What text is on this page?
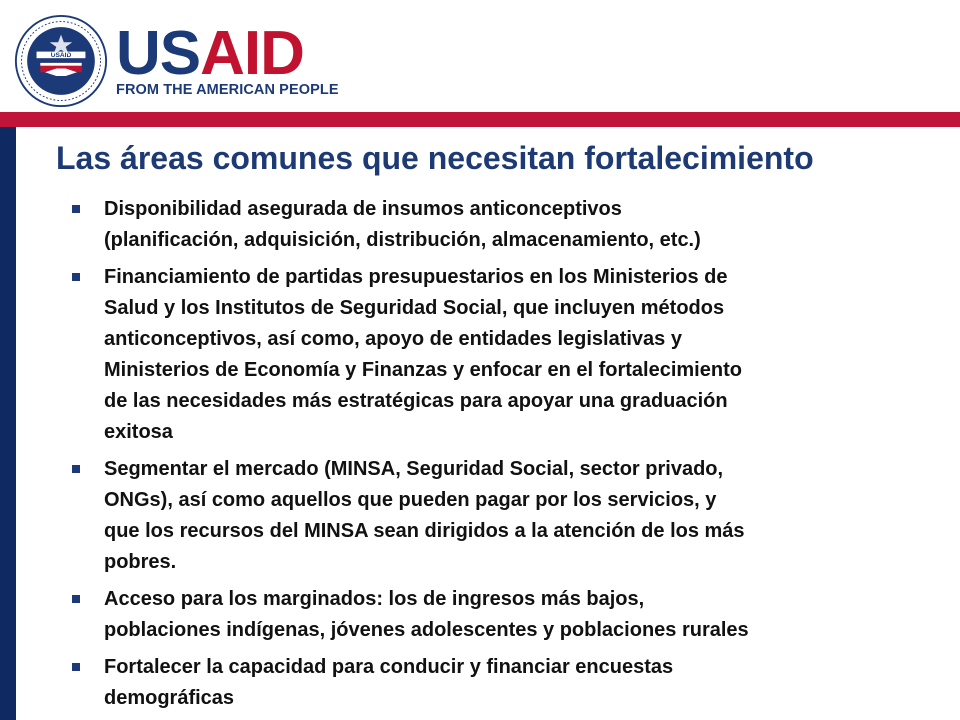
USAID USAID
FROM THE AMERICAN PEOPLE
Las áreas comunes que necesitan fortalecimiento
Disponibilidad asegurada de insumos anticonceptivos
(planificación, adquisición, distribución, almacenamiento, etc.)
Financiamiento de partidas presupuestarios en los Ministerios de
Salud y los Institutos de Seguridad Social, que incluyen métodos
anticonceptivos, así como, apoyo de entidades legislativas y
Ministerios de Economía y Finanzas y enfocar en el fortalecimiento
de las necesidades más estratégicas para apoyar una graduación
exitosa
Segmentar el mercado (MINSA, Seguridad Social, sector privado,
ONGs), así como aquellos que pueden pagar por los servicios, y
que los recursos del MINSA sean dirigidos a la atención de los más
pobres.
Acceso para los marginados: los de ingresos más bajos,
poblaciones indígenas, jóvenes adolescentes y poblaciones rurales
Fortalecer la capacidad para conducir y financiar encuestas
demográficas
